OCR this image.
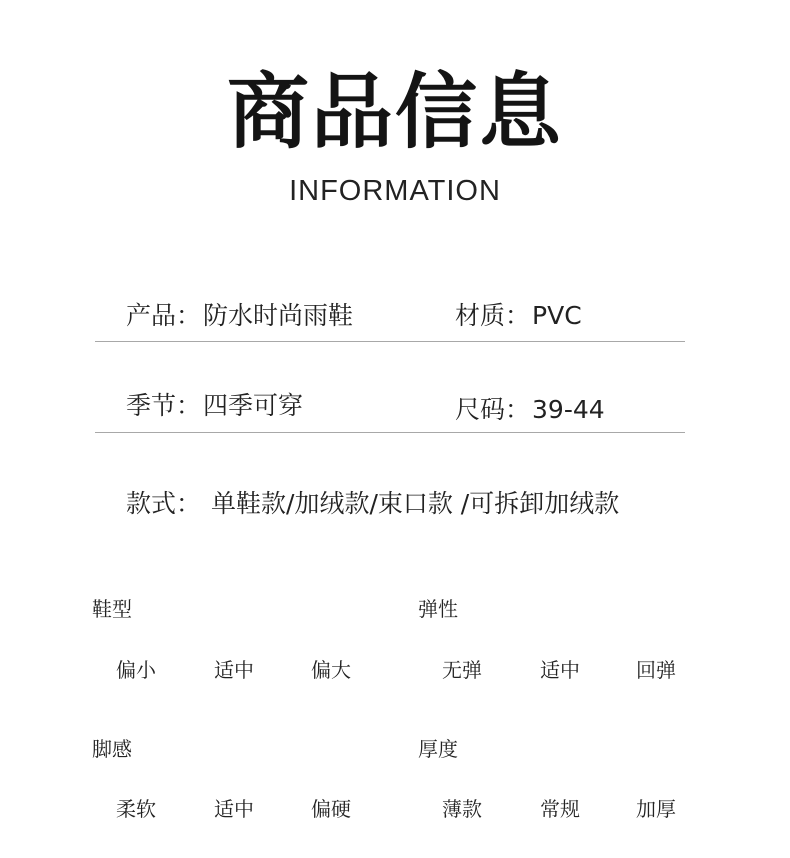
商品信息
INFORMATION
产品：防水时尚雨鞋	材质：PVC
季节：四季可穿	尺码：39-44
款式： 单鞋款/加绒款/束口款 /可拆卸加绒款
鞋型
偏小	适中	偏大
弹性
无弹	适中	回弹
脚感
柔软	适中	偏硬
厚度
薄款	常规	加厚
